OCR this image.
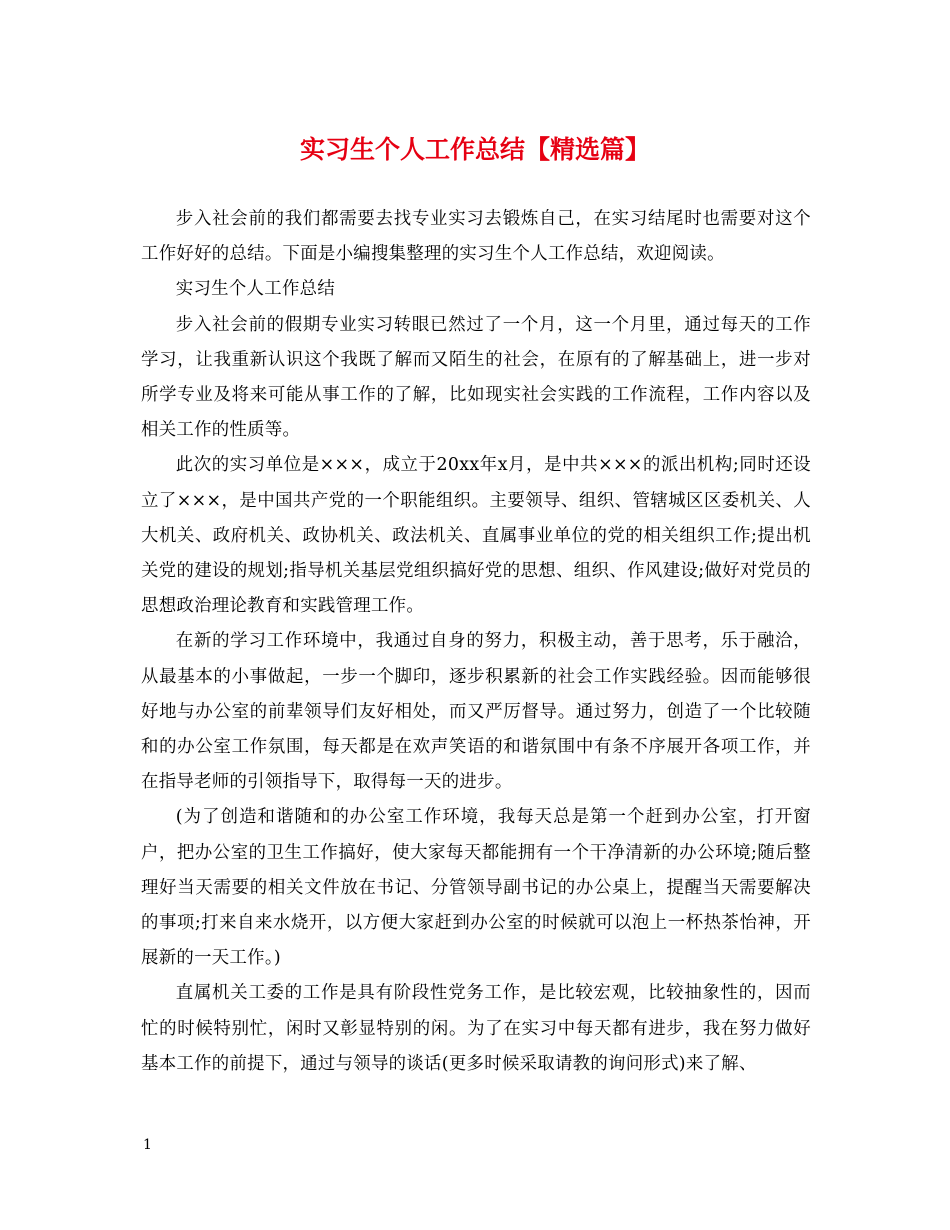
实习生个人工作总结【精选篇】

步入社会前的我们都需要去找专业实习去锻炼自己，在实习结尾时也需要对这个工作好好的总结。下面是小编搜集整理的实习生个人工作总结，欢迎阅读。

实习生个人工作总结

步入社会前的假期专业实习转眼已然过了一个月，这一个月里，通过每天的工作学习，让我重新认识这个我既了解而又陌生的社会，在原有的了解基础上，进一步对所学专业及将来可能从事工作的了解，比如现实社会实践的工作流程，工作内容以及相关工作的性质等。

此次的实习单位是×××，成立于20xx年x月，是中共×××的派出机构;同时还设立了×××，是中国共产党的一个职能组织。主要领导、组织、管辖城区区委机关、人大机关、政府机关、政协机关、政法机关、直属事业单位的党的相关组织工作;提出机关党的建设的规划;指导机关基层党组织搞好党的思想、组织、作风建设;做好对党员的思想政治理论教育和实践管理工作。

在新的学习工作环境中，我通过自身的努力，积极主动，善于思考，乐于融洽，从最基本的小事做起，一步一个脚印，逐步积累新的社会工作实践经验。因而能够很好地与办公室的前辈领导们友好相处，而又严厉督导。通过努力，创造了一个比较随和的办公室工作氛围，每天都是在欢声笑语的和谐氛围中有条不序展开各项工作，并在指导老师的引领指导下，取得每一天的进步。

(为了创造和谐随和的办公室工作环境，我每天总是第一个赶到办公室，打开窗户，把办公室的卫生工作搞好，使大家每天都能拥有一个干净清新的办公环境;随后整理好当天需要的相关文件放在书记、分管领导副书记的办公桌上，提醒当天需要解决的事项;打来自来水烧开，以方便大家赶到办公室的时候就可以泡上一杯热茶怡神，开展新的一天工作。)

直属机关工委的工作是具有阶段性党务工作，是比较宏观，比较抽象性的，因而忙的时候特别忙，闲时又彰显特别的闲。为了在实习中每天都有进步，我在努力做好基本工作的前提下，通过与领导的谈话(更多时候采取请教的询问形式)来了解、

1
